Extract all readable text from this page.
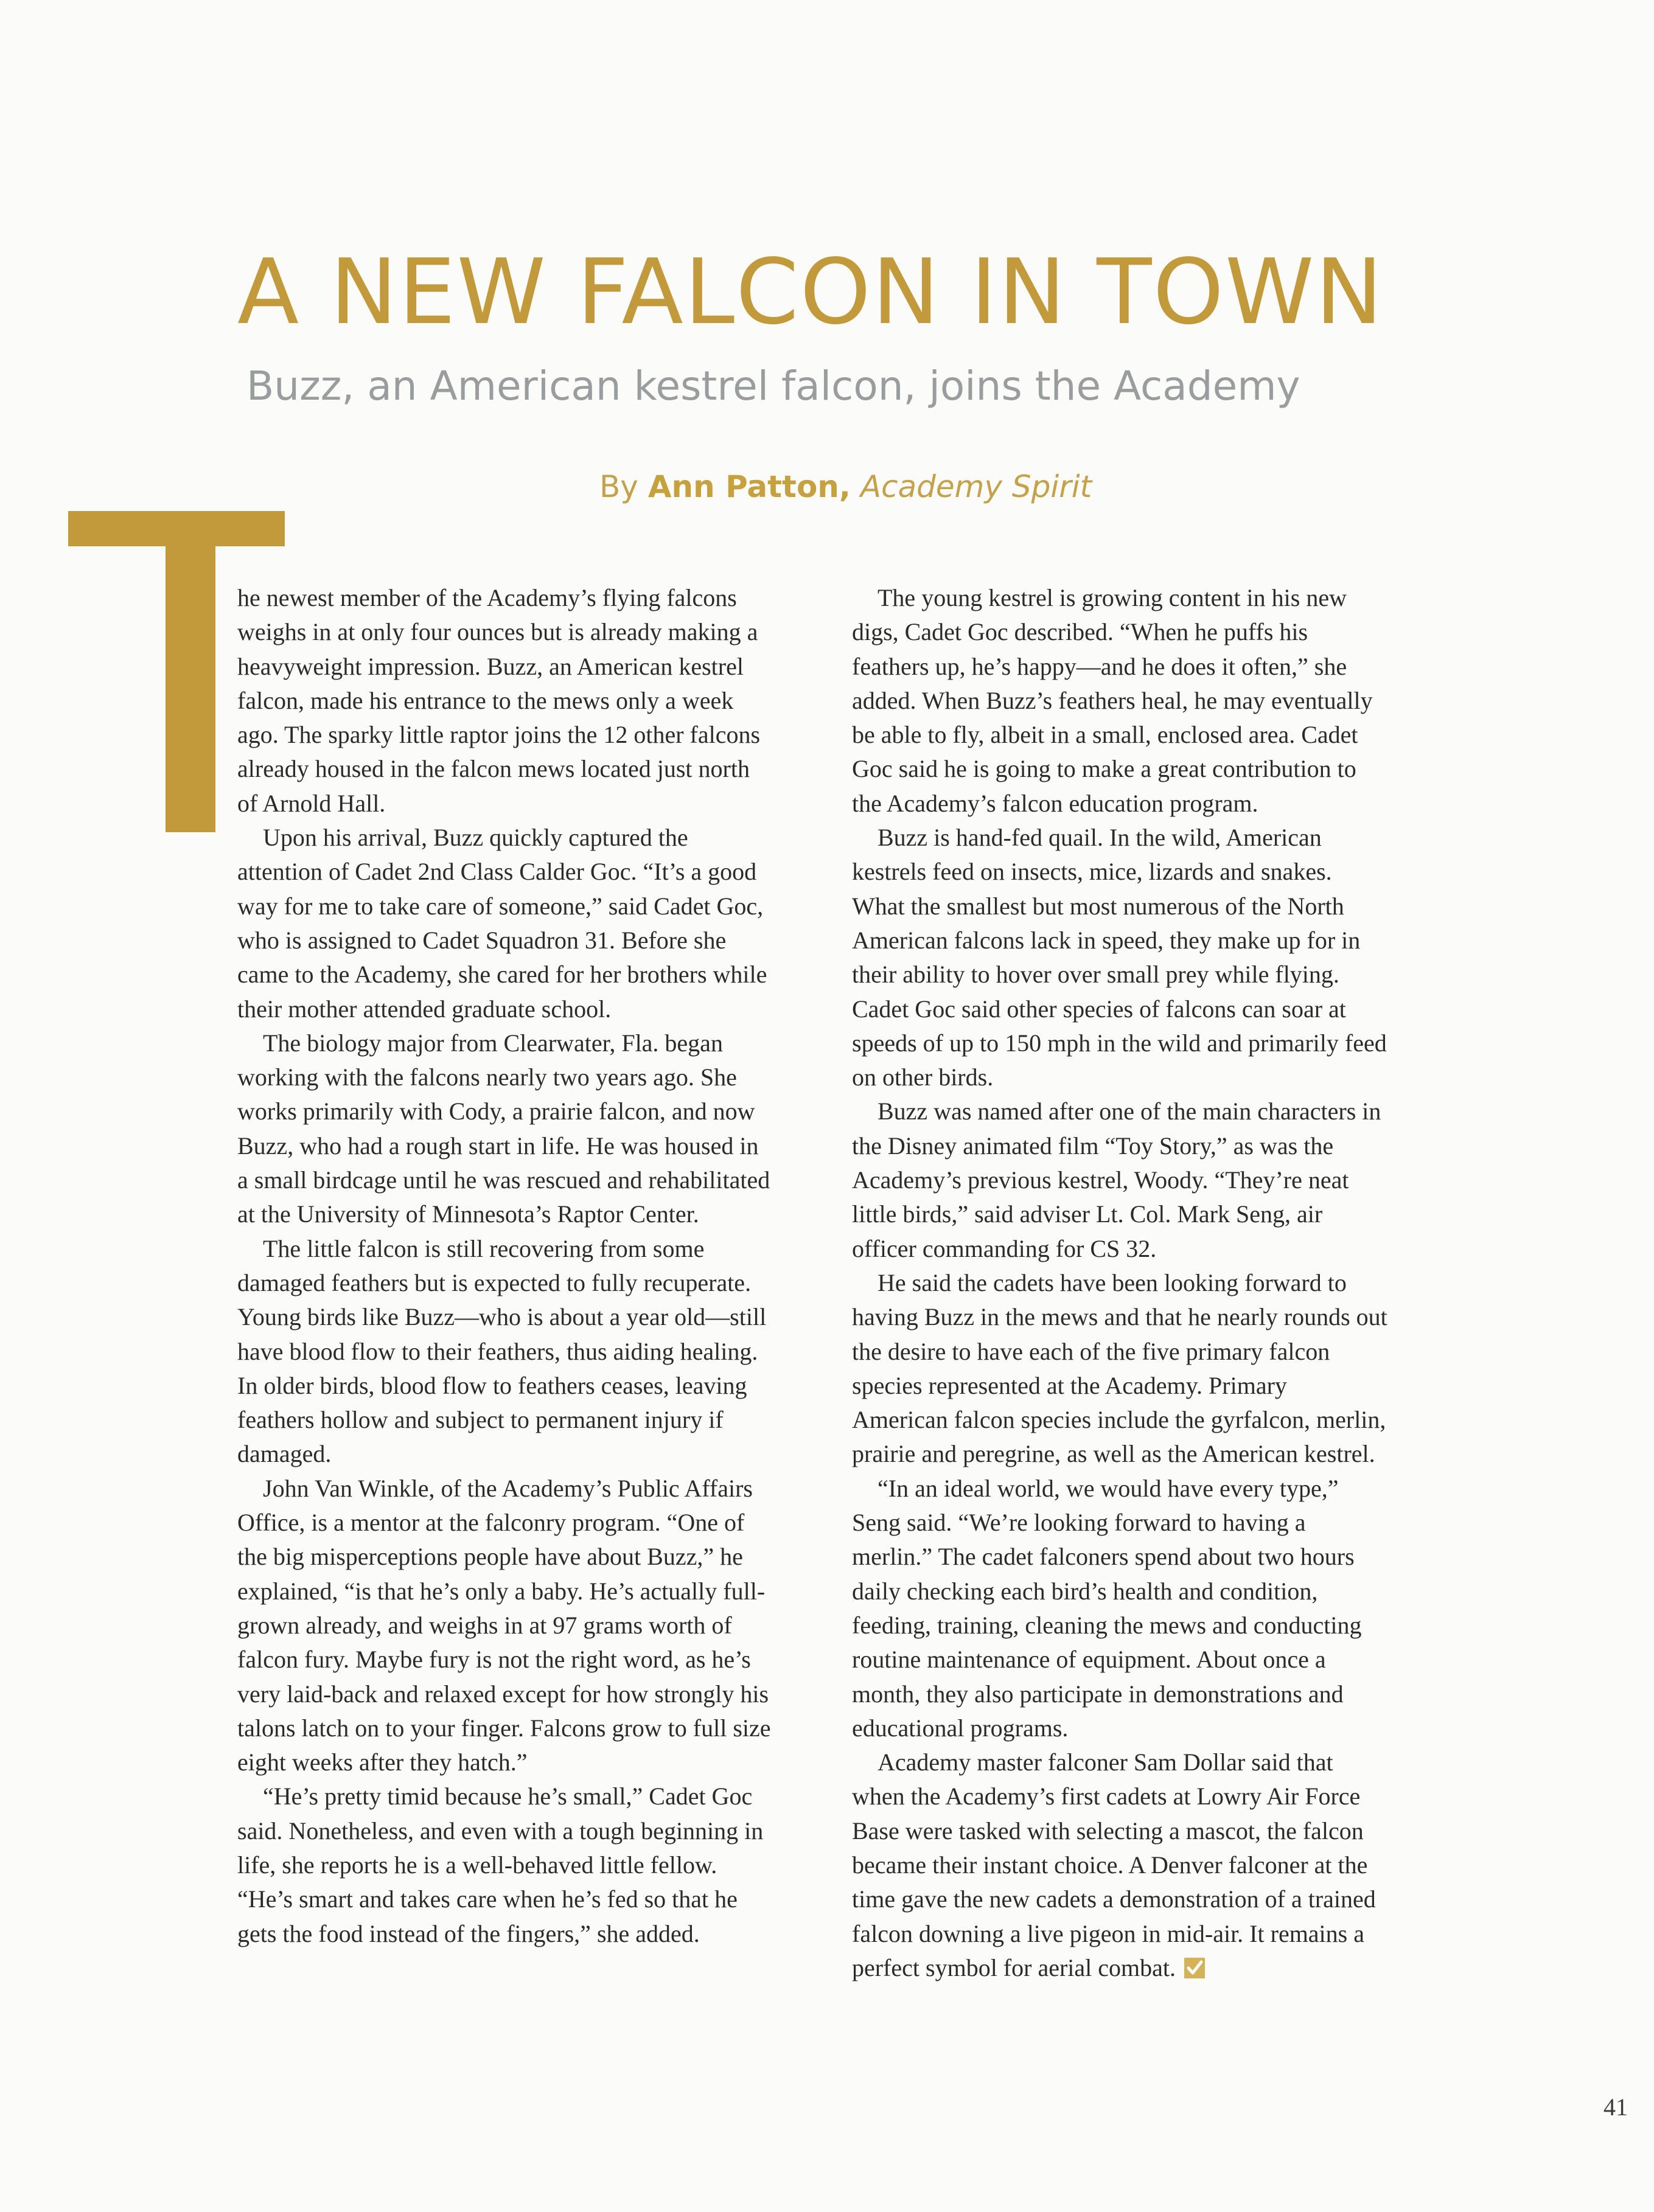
A NEW FALCON IN TOWN
Buzz, an American kestrel falcon, joins the Academy
By Ann Patton, Academy Spirit

he newest member of the Academy’s flying falcons weighs in at only four ounces but is already making a heavyweight impression. Buzz, an American kestrel falcon, made his entrance to the mews only a week ago. The sparky little raptor joins the 12 other falcons already housed in the falcon mews located just north of Arnold Hall.

Upon his arrival, Buzz quickly captured the attention of Cadet 2nd Class Calder Goc. “It’s a good way for me to take care of someone,” said Cadet Goc, who is assigned to Cadet Squadron 31. Before she came to the Academy, she cared for her brothers while their mother attended graduate school.

The biology major from Clearwater, Fla. began working with the falcons nearly two years ago. She works primarily with Cody, a prairie falcon, and now Buzz, who had a rough start in life. He was housed in a small birdcage until he was rescued and rehabilitated at the University of Minnesota’s Raptor Center.

The little falcon is still recovering from some damaged feathers but is expected to fully recuperate. Young birds like Buzz—who is about a year old—still have blood flow to their feathers, thus aiding healing. In older birds, blood flow to feathers ceases, leaving feathers hollow and subject to permanent injury if damaged.

John Van Winkle, of the Academy’s Public Affairs Office, is a mentor at the falconry program. “One of the big misperceptions people have about Buzz,” he explained, “is that he’s only a baby. He’s actually full-grown already, and weighs in at 97 grams worth of falcon fury. Maybe fury is not the right word, as he’s very laid-back and relaxed except for how strongly his talons latch on to your finger. Falcons grow to full size eight weeks after they hatch.”

“He’s pretty timid because he’s small,” Cadet Goc said. Nonetheless, and even with a tough beginning in life, she reports he is a well-behaved little fellow. “He’s smart and takes care when he’s fed so that he gets the food instead of the fingers,” she added.

The young kestrel is growing content in his new digs, Cadet Goc described. “When he puffs his feathers up, he’s happy—and he does it often,” she added. When Buzz’s feathers heal, he may eventually be able to fly, albeit in a small, enclosed area. Cadet Goc said he is going to make a great contribution to the Academy’s falcon education program.

Buzz is hand-fed quail. In the wild, American kestrels feed on insects, mice, lizards and snakes. What the smallest but most numerous of the North American falcons lack in speed, they make up for in their ability to hover over small prey while flying. Cadet Goc said other species of falcons can soar at speeds of up to 150 mph in the wild and primarily feed on other birds.

Buzz was named after one of the main characters in the Disney animated film “Toy Story,” as was the Academy’s previous kestrel, Woody. “They’re neat little birds,” said adviser Lt. Col. Mark Seng, air officer commanding for CS 32.

He said the cadets have been looking forward to having Buzz in the mews and that he nearly rounds out the desire to have each of the five primary falcon species represented at the Academy. Primary American falcon species include the gyrfalcon, merlin, prairie and peregrine, as well as the American kestrel.

“In an ideal world, we would have every type,” Seng said. “We’re looking forward to having a merlin.” The cadet falconers spend about two hours daily checking each bird’s health and condition, feeding, training, cleaning the mews and conducting routine maintenance of equipment. About once a month, they also participate in demonstrations and educational programs.

Academy master falconer Sam Dollar said that when the Academy’s first cadets at Lowry Air Force Base were tasked with selecting a mascot, the falcon became their instant choice. A Denver falconer at the time gave the new cadets a demonstration of a trained falcon downing a live pigeon in mid-air. It remains a perfect symbol for aerial combat.

41
